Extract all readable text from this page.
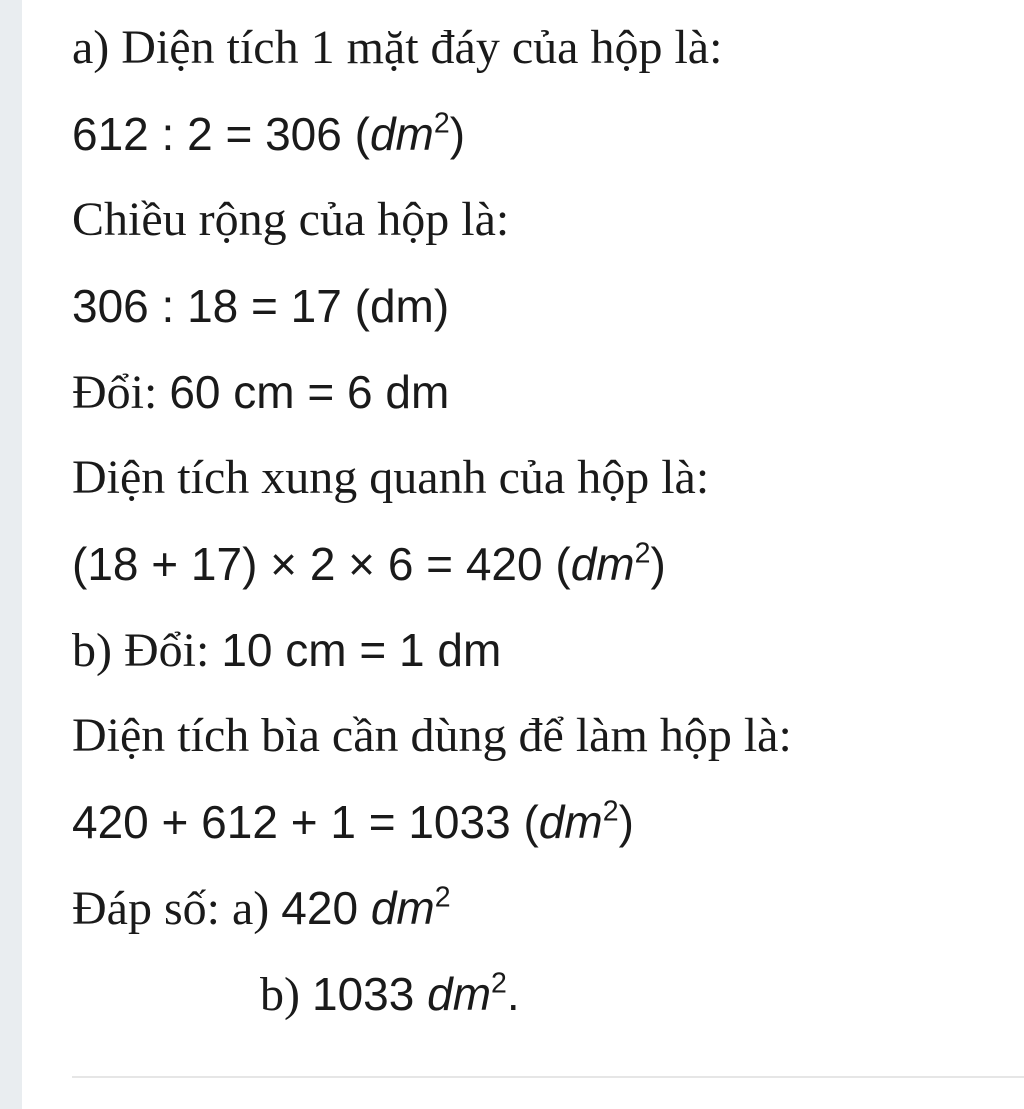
a) Diện tích 1 mặt đáy của hộp là:
612 : 2 = 306 $(dm^2)$
Chiều rộng của hộp là:
306 : 18 = 17 (dm)
Đổi: 60 cm = 6 dm
Diện tích xung quanh của hộp là:
(18 + 17) × 2 × 6 = 420 $(dm^2)$
b) Đổi: 10 cm = 1 dm
Diện tích bìa cần dùng để làm hộp là:
420 + 612 + 1 = 1033 $(dm^2)$
Đáp số: a) 420 $dm^2$
b) 1033 $dm^2$.
